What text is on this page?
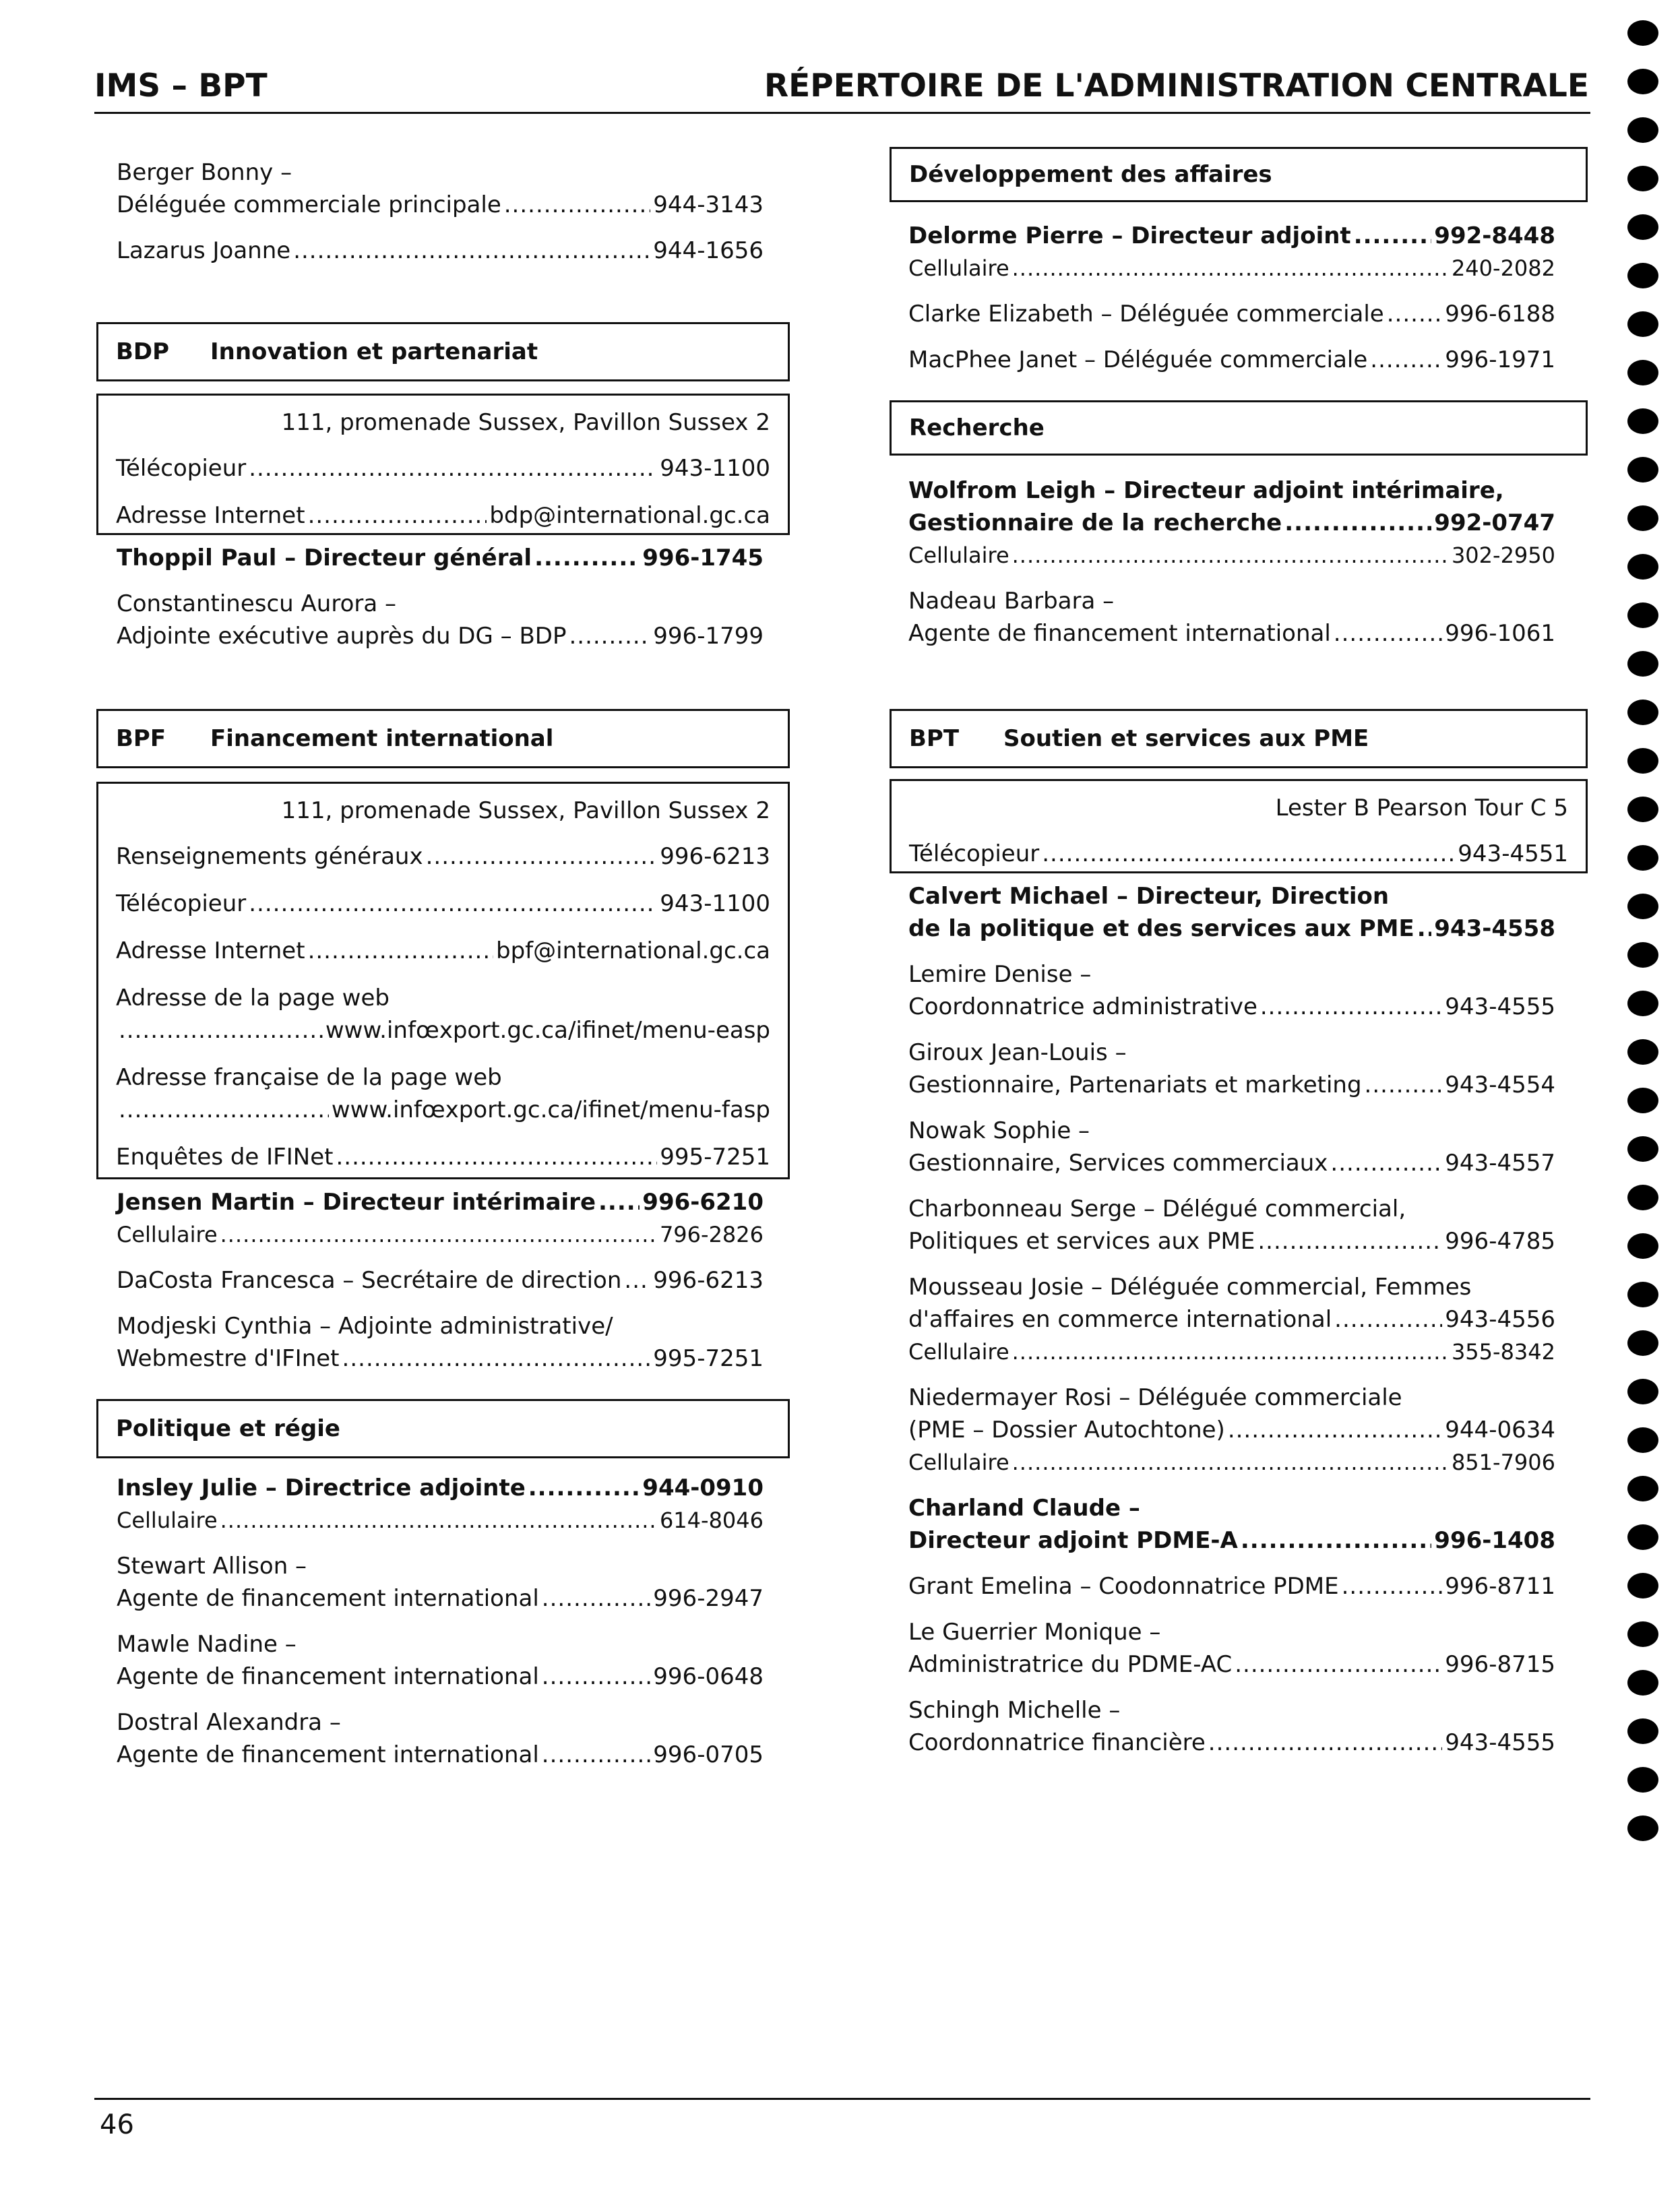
IMS – BPT	RÉPERTOIRE DE L'ADMINISTRATION CENTRALE
Berger Bonny –
Déléguée commerciale principale .....	944-3143
Lazarus Joanne .....	944-1656
BDP	Innovation et partenariat
111, promenade Sussex, Pavillon Sussex 2
Télécopieur .....	943-1100
Adresse Internet .....	bdp@international.gc.ca
Thoppil Paul – Directeur général .....	996-1745
Constantinescu Aurora –
Adjointe exécutive auprès du DG – BDP .....	996-1799
BPF	Financement international
111, promenade Sussex, Pavillon Sussex 2
Renseignements généraux .....	996-6213
Télécopieur .....	943-1100
Adresse Internet .....	bpf@international.gc.ca
Adresse de la page web
.....
www.infœxport.gc.ca/ifinet/menu-easp
Adresse française de la page web
.....
www.infœxport.gc.ca/ifinet/menu-fasp
Enquêtes de IFINet .....	995-7251
Jensen Martin – Directeur intérimaire ..... 996-6210
Cellulaire .....	796-2826
DaCosta Francesca – Secrétaire de direction ..... 996-6213
Modjeski Cynthia – Adjointe administrative/
Webmestre d'IFInet .....	995-7251
Politique et régie
Insley Julie – Directrice adjointe .....	944-0910
Cellulaire .....	614-8046
Stewart Allison –
Agente de financement international .....	996-2947
Mawle Nadine –
Agente de financement international .....	996-0648
Dostral Alexandra –
Agente de financement international .....	996-0705
Développement des affaires
Delorme Pierre – Directeur adjoint .....	992-8448
Cellulaire .....	240-2082
Clarke Elizabeth – Déléguée commerciale .....	996-6188
MacPhee Janet – Déléguée commerciale .....	996-1971
Recherche
Wolfrom Leigh – Directeur adjoint intérimaire,
Gestionnaire de la recherche .....	992-0747
Cellulaire .....	302-2950
Nadeau Barbara –
Agente de financement international .....	996-1061
BPT	Soutien et services aux PME
Lester B Pearson Tour C 5
Télécopieur .....	943-4551
Calvert Michael – Directeur, Direction
de la politique et des services aux PME ..... 943-4558
Lemire Denise –
Coordonnatrice administrative .....	943-4555
Giroux Jean-Louis –
Gestionnaire, Partenariats et marketing .....	943-4554
Nowak Sophie –
Gestionnaire, Services commerciaux .....	943-4557
Charbonneau Serge – Délégué commercial,
Politiques et services aux PME .....	996-4785
Mousseau Josie – Déléguée commercial, Femmes
d'affaires en commerce international .....	943-4556
Cellulaire .....	355-8342
Niedermayer Rosi – Déléguée commerciale
(PME – Dossier Autochtone) .....	944-0634
Cellulaire .....	851-7906
Charland Claude –
Directeur adjoint PDME-A .....	996-1408
Grant Emelina – Coodonnatrice PDME .....	996-8711
Le Guerrier Monique –
Administratrice du PDME-AC .....	996-8715
Schingh Michelle –
Coordonnatrice financière .....	943-4555
46
